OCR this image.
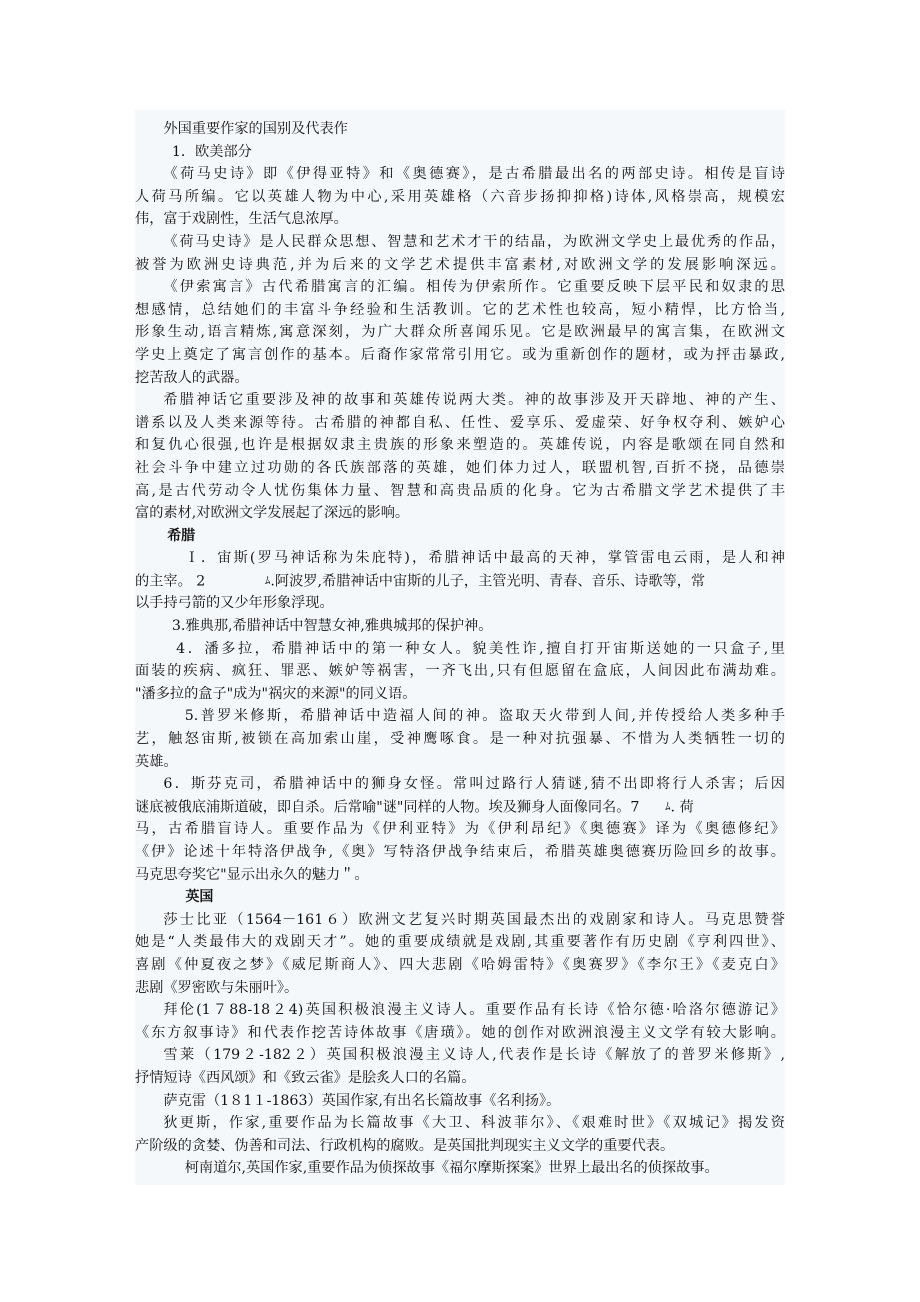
外国重要作家的国别及代表作
1．欧美部分
《荷马史诗》即《伊得亚特》和《奥德赛》，是古希腊最出名的两部史诗。相传是盲诗
人荷马所编。它以英雄人物为中心,采用英雄格（六音步扬抑抑格)诗体,风格崇高，规模宏
伟，富于戏剧性，生活气息浓厚。
《荷马史诗》是人民群众思想、智慧和艺术才干的结晶，为欧洲文学史上最优秀的作品，
被誉为欧洲史诗典范,并为后来的文学艺术提供丰富素材,对欧洲文学的发展影响深远。
《伊索寓言》古代希腊寓言的汇编。相传为伊索所作。它重要反映下层平民和奴隶的思
想感情，总结她们的丰富斗争经验和生活教训。它的艺术性也较高，短小精悍，比方恰当,
形象生动,语言精炼,寓意深刻，为广大群众所喜闻乐见。它是欧洲最早的寓言集，在欧洲文
学史上奠定了寓言创作的基本。后裔作家常常引用它。或为重新创作的题材，或为抨击暴政,
挖苦敌人的武器。
希腊神话它重要涉及神的故事和英雄传说两大类。神的故事涉及开天辟地、神的产生、
谱系以及人类来源等待。古希腊的神都自私、任性、爱享乐、爱虚荣、好争权夺利、嫉妒心
和复仇心很强,也许是根据奴隶主贵族的形象来塑造的。英雄传说，内容是歌颂在同自然和
社会斗争中建立过功勋的各氏族部落的英雄，她们体力过人，联盟机智,百折不挠，品德崇
高,是古代劳动令人忧伤集体力量、智慧和高贵品质的化身。它为古希腊文学艺术提供了丰
富的素材,对欧洲文学发展起了深远的影响。
希腊
Ｉ．宙斯(罗马神话称为朱庇特)，希腊神话中最高的天神，掌管雷电云雨，是人和神
的主宰。 2	ﾑ.阿波罗,希腊神话中宙斯的儿子，主管光明、青春、音乐、诗歌等，常
以手持弓箭的又少年形象浮现。
3.雅典那,希腊神话中智慧女神,雅典城邦的保护神。
4．潘多拉，希腊神话中的第一种女人。貌美性诈,擅自打开宙斯送她的一只盒子,里
面装的疾病、疯狂、罪恶、嫉妒等祸害，一齐飞出,只有但愿留在盒底，人间因此布满劫难。
"潘多拉的盒子"成为"祸灾的来源"的同义语。
5.普罗米修斯，希腊神话中造福人间的神。盗取天火带到人间,并传授给人类多种手
艺，触怒宙斯,被锁在高加索山崖，受神鹰啄食。是一种对抗强暴、不惜为人类牺牲一切的
英雄。
6．斯芬克司，希腊神话中的狮身女怪。常叫过路行人猜谜,猜不出即将行人杀害；后因
谜底被俄底浦斯道破，即自杀。后常喻"谜"同样的人物。埃及狮身人面像同名。7 ﾑ. 荷
马，古希腊盲诗人。重要作品为《伊利亚特》为《伊利昂纪》《奥德赛》译为《奥德修纪》
《伊》论述十年特洛伊战争,《奥》写特洛伊战争结束后，希腊英雄奥德赛历险回乡的故事。
马克思夸奖它"显示出永久的魅力＂。
英国
莎士比亚（1564－161６）欧洲文艺复兴时期英国最杰出的戏剧家和诗人。马克思赞誉
她是“人类最伟大的戏剧天才”。她的重要成绩就是戏剧,其重要著作有历史剧《亨利四世》、
喜剧《仲夏夜之梦》《威尼斯商人》、四大悲剧《哈姆雷特》《奥赛罗》《李尔王》《麦克白》
悲剧《罗密欧与朱丽叶》。
拜伦(1７88-18２4)英国积极浪漫主义诗人。重要作品有长诗《恰尔德·哈洛尔德游记》
《东方叙事诗》和代表作挖苦诗体故事《唐璜》。她的创作对欧洲浪漫主义文学有较大影响。
雪莱（179２-182２）英国积极浪漫主义诗人,代表作是长诗《解放了的普罗米修斯》,
抒情短诗《西风颂》和《致云雀》是脍炙人口的名篇。
萨克雷（1８1１-1863）英国作家,有出名长篇故事《名利扬》。
狄更斯，作家,重要作品为长篇故事《大卫、科波菲尔》、《艰难时世》《双城记》揭发资
产阶级的贪婪、伪善和司法、行政机构的腐败。是英国批判现实主义文学的重要代表。
柯南道尔,英国作家,重要作品为侦探故事《福尔摩斯探案》世界上最出名的侦探故事。
